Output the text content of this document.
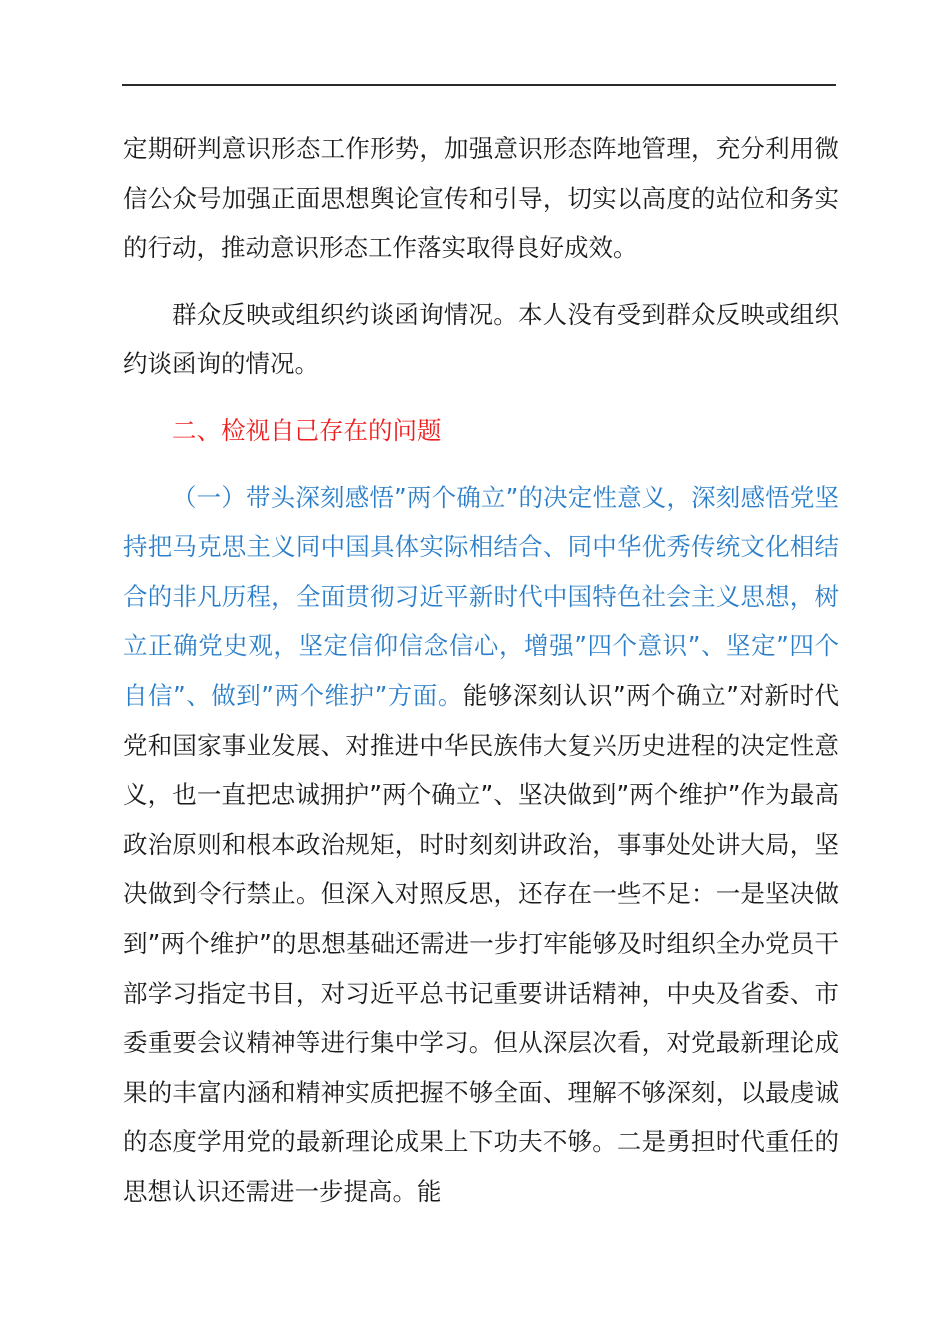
定期研判意识形态工作形势，加强意识形态阵地管理，充分利用微信公众号加强正面思想舆论宣传和引导，切实以高度的站位和务实的行动，推动意识形态工作落实取得良好成效。

群众反映或组织约谈函询情况。本人没有受到群众反映或组织约谈函询的情况。

二、检视自己存在的问题

（一）带头深刻感悟”两个确立”的决定性意义，深刻感悟党坚持把马克思主义同中国具体实际相结合、同中华优秀传统文化相结合的非凡历程，全面贯彻习近平新时代中国特色社会主义思想，树立正确党史观，坚定信仰信念信心，增强”四个意识”、坚定”四个自信”、做到”两个维护”方面。能够深刻认识”两个确立”对新时代党和国家事业发展、对推进中华民族伟大复兴历史进程的决定性意义，也一直把忠诚拥护”两个确立”、坚决做到”两个维护”作为最高政治原则和根本政治规矩，时时刻刻讲政治，事事处处讲大局，坚决做到令行禁止。但深入对照反思，还存在一些不足：一是坚决做到”两个维护”的思想基础还需进一步打牢能够及时组织全办党员干部学习指定书目，对习近平总书记重要讲话精神，中央及省委、市委重要会议精神等进行集中学习。但从深层次看，对党最新理论成果的丰富内涵和精神实质把握不够全面、理解不够深刻，以最虔诚的态度学用党的最新理论成果上下功夫不够。二是勇担时代重任的思想认识还需进一步提高。能
